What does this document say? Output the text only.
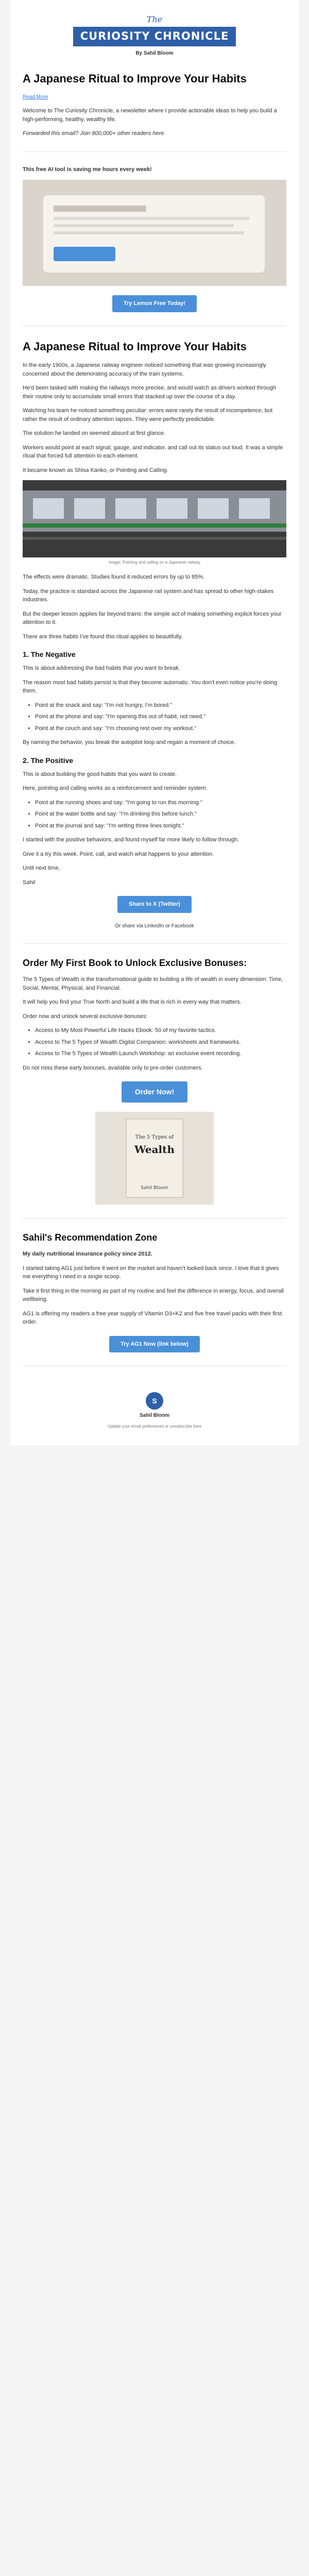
The
CURIOSITY CHRONICLE
By Sahil Bloom
A Japanese Ritual to Improve Your Habits

Read More

Welcome to The Curiosity Chronicle, a newsletter where I provide actionable ideas to help you build a high-performing, healthy, wealthy life.

Forwarded this email? Join 800,000+ other readers here.

This free AI tool is saving me hours every week!

Try Lemon Free Today!
A Japanese Ritual to Improve Your Habits

In the early 1900s, a Japanese railway engineer noticed something that was growing increasingly concerned about the deteriorating accuracy of the train systems.

He'd been tasked with making the railways more precise, and would watch as drivers worked through their routine only to accumulate small errors that stacked up over the course of a day.

Watching his team he noticed something peculiar: errors were rarely the result of incompetence, but rather the result of ordinary attention lapses. They were perfectly predictable.

The solution he landed on seemed absurd at first glance.

Workers would point at each signal, gauge, and indicator, and call out its status out loud. It was a simple ritual that forced full attention to each element.

It became known as Shisa Kanko, or Pointing and Calling.

Image: Pointing and calling on a Japanese railway

The effects were dramatic. Studies found it reduced errors by up to 85%.

Today, the practice is standard across the Japanese rail system and has spread to other high-stakes industries.

But the deeper lesson applies far beyond trains: the simple act of making something explicit forces your attention to it.

There are three habits I've found this ritual applies to beautifully.

1. The Negative

This is about addressing the bad habits that you want to break.

The reason most bad habits persist is that they become automatic. You don't even notice you're doing them.

• Point at the snack and say: "I'm not hungry, I'm bored."
• Point at the phone and say: "I'm opening this out of habit, not need."
• Point at the couch and say: "I'm choosing rest over my workout."

By naming the behavior, you break the autopilot loop and regain a moment of choice.

2. The Positive

This is about building the good habits that you want to create.

Here, pointing and calling works as a reinforcement and reminder system.

• Point at the running shoes and say: "I'm going to run this morning."
• Point at the water bottle and say: "I'm drinking this before lunch."
• Point at the journal and say: "I'm writing three lines tonight."

I started with the positive behaviors, and found myself far more likely to follow through.

Give it a try this week. Point, call, and watch what happens to your attention.

Until next time,

Sahil

Share to X (Twitter)

Or share via LinkedIn or Facebook

Order My First Book to Unlock Exclusive Bonuses:

The 5 Types of Wealth is the transformational guide to building a life of wealth in every dimension: Time, Social, Mental, Physical, and Financial.

It will help you find your True North and build a life that is rich in every way that matters.

Order now and unlock several exclusive bonuses:

• Access to My Most Powerful Life Hacks Ebook: 50 of my favorite tactics.
• Access to The 5 Types of Wealth Digital Companion: worksheets and frameworks.
• Access to The 5 Types of Wealth Launch Workshop: an exclusive event recording.

Do not miss these early bonuses, available only to pre-order customers.

Order Now!
The 5 Types of
Wealth
Sahil Bloom
Sahil's Recommendation Zone

My daily nutritional insurance policy since 2012.

I started taking AG1 just before it went on the market and haven't looked back since. I love that it gives me everything I need in a single scoop.

Take it first thing in the morning as part of my routine and feel the difference in energy, focus, and overall wellbeing.

AG1 is offering my readers a free year supply of Vitamin D3+K2 and five free travel packs with their first order.

Try AG1 Now (link below)
S
Sahil Bloom
Update your email preferences or unsubscribe here
